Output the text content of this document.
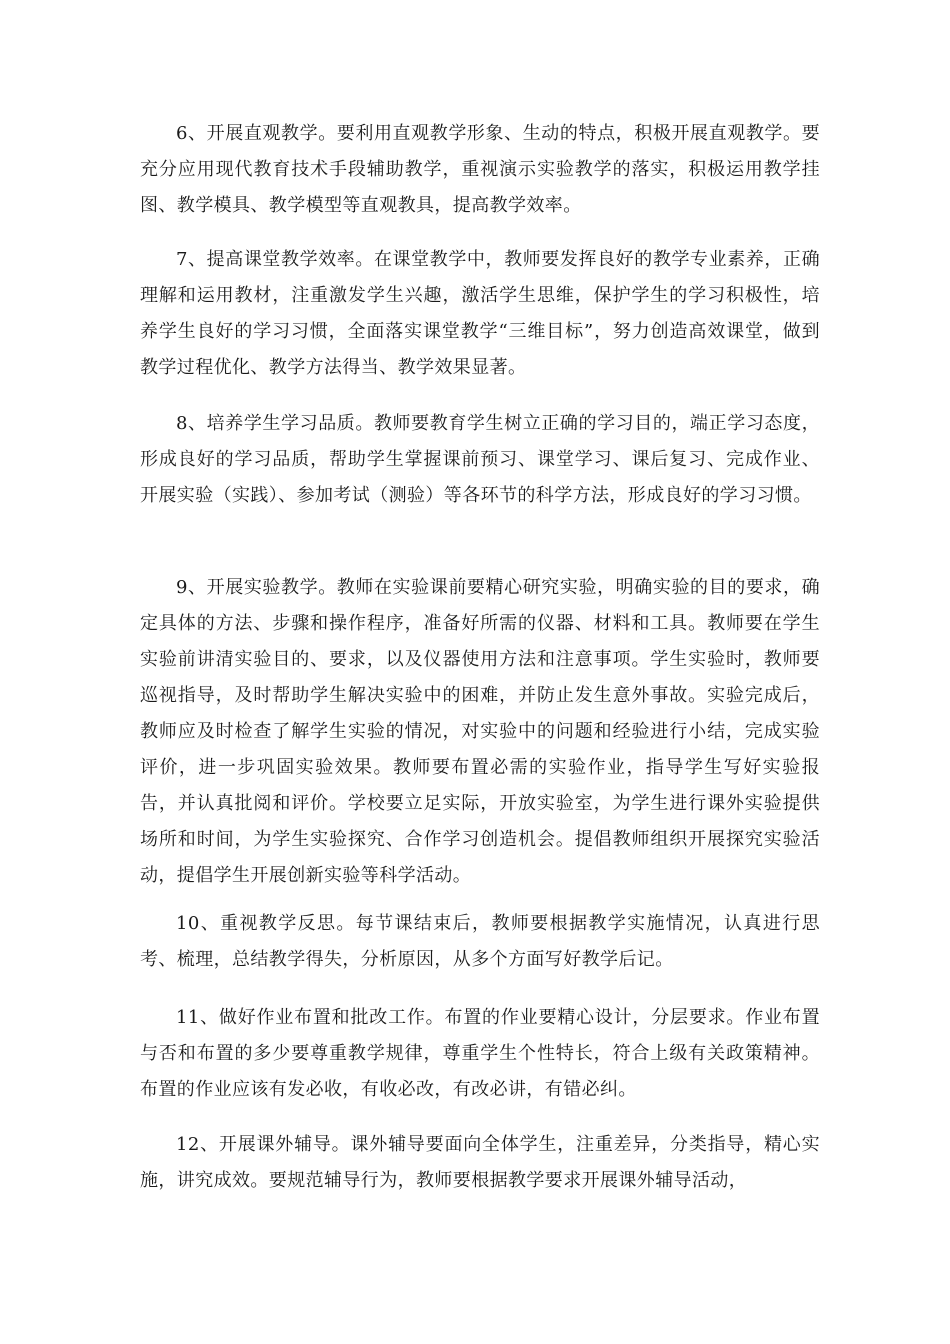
6、开展直观教学。要利用直观教学形象、生动的特点，积极开展直观教学。要充分应用现代教育技术手段辅助教学，重视演示实验教学的落实，积极运用教学挂图、教学模具、教学模型等直观教具，提高教学效率。

7、提高课堂教学效率。在课堂教学中，教师要发挥良好的教学专业素养，正确理解和运用教材，注重激发学生兴趣，激活学生思维，保护学生的学习积极性，培养学生良好的学习习惯，全面落实课堂教学“三维目标”，努力创造高效课堂，做到教学过程优化、教学方法得当、教学效果显著。

8、培养学生学习品质。教师要教育学生树立正确的学习目的，端正学习态度，形成良好的学习品质，帮助学生掌握课前预习、课堂学习、课后复习、完成作业、开展实验（实践）、参加考试（测验）等各环节的科学方法，形成良好的学习习惯。

9、开展实验教学。教师在实验课前要精心研究实验，明确实验的目的要求，确定具体的方法、步骤和操作程序，准备好所需的仪器、材料和工具。教师要在学生实验前讲清实验目的、要求，以及仪器使用方法和注意事项。学生实验时，教师要巡视指导，及时帮助学生解决实验中的困难，并防止发生意外事故。实验完成后，教师应及时检查了解学生实验的情况，对实验中的问题和经验进行小结，完成实验评价，进一步巩固实验效果。教师要布置必需的实验作业，指导学生写好实验报告，并认真批阅和评价。学校要立足实际，开放实验室，为学生进行课外实验提供场所和时间，为学生实验探究、合作学习创造机会。提倡教师组织开展探究实验活动，提倡学生开展创新实验等科学活动。

10、重视教学反思。每节课结束后，教师要根据教学实施情况，认真进行思考、梳理，总结教学得失，分析原因，从多个方面写好教学后记。

11、做好作业布置和批改工作。布置的作业要精心设计，分层要求。作业布置与否和布置的多少要尊重教学规律，尊重学生个性特长，符合上级有关政策精神。布置的作业应该有发必收，有收必改，有改必讲，有错必纠。

12、开展课外辅导。课外辅导要面向全体学生，注重差异，分类指导，精心实施，讲究成效。要规范辅导行为，教师要根据教学要求开展课外辅导活动，
